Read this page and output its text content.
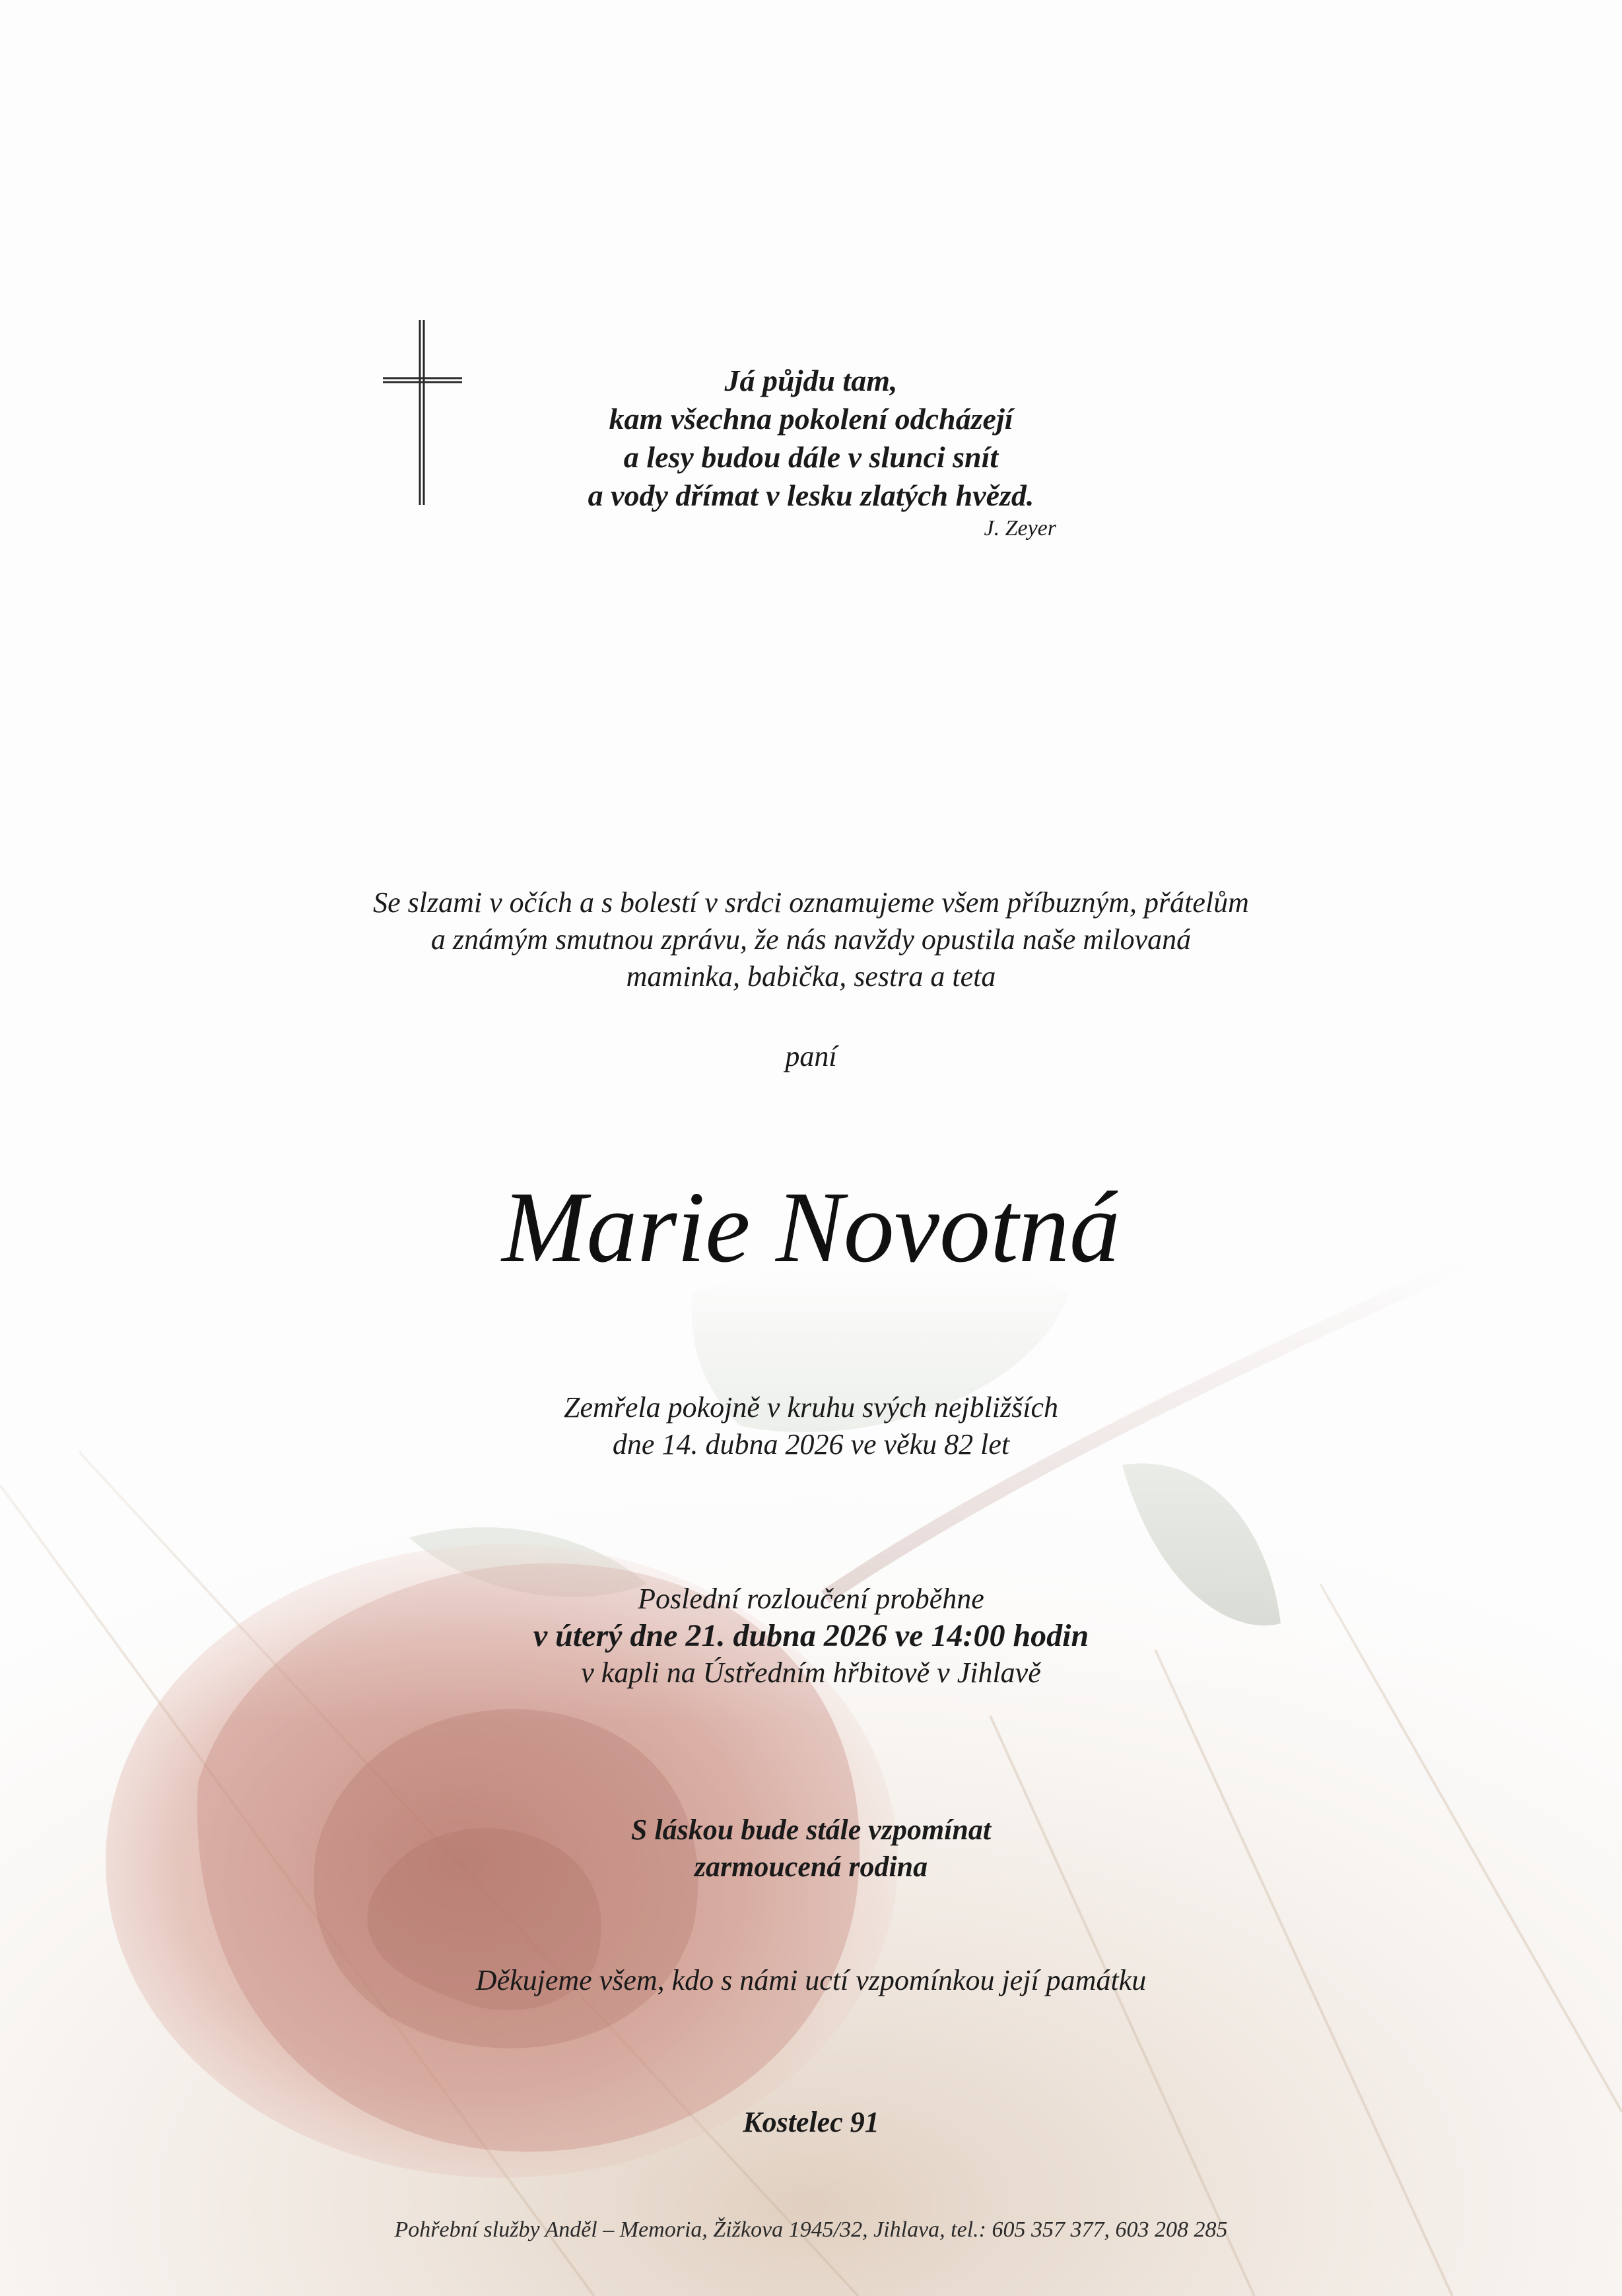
Já půjdu tam,
kam všechna pokolení odcházejí
a lesy budou dále v slunci snít
a vody dřímat v lesku zlatých hvězd.
J. Zeyer
Se slzami v očích a s bolestí v srdci oznamujeme všem příbuzným, přátelům
a známým smutnou zprávu, že nás navždy opustila naše milovaná
maminka, babička, sestra a teta
paní
Marie Novotná
Zemřela pokojně v kruhu svých nejbližších
dne 14. dubna 2026 ve věku 82 let
Poslední rozloučení proběhne
v úterý dne 21. dubna 2026 ve 14:00 hodin
v kapli na Ústředním hřbitově v Jihlavě
S láskou bude stále vzpomínat
zarmoucená rodina
Děkujeme všem, kdo s námi uctí vzpomínkou její památku
Kostelec 91
Pohřební služby Anděl – Memoria, Žižkova 1945/32, Jihlava, tel.: 605 357 377, 603 208 285
